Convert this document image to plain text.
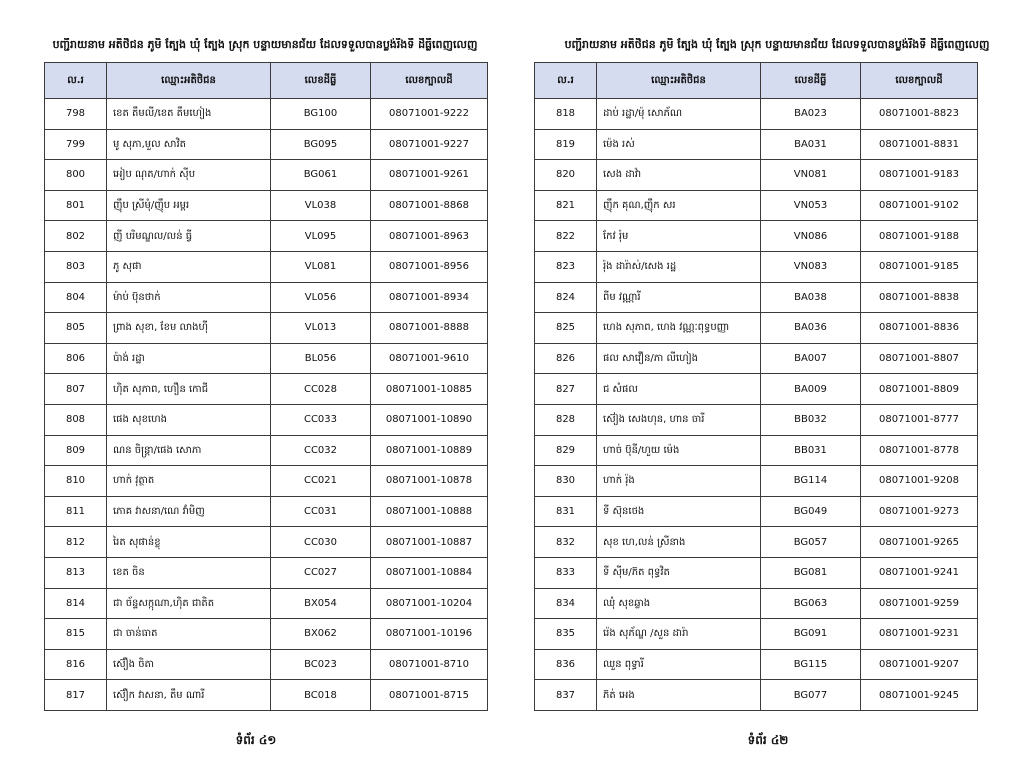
បញ្ជីរាយនាម អតិថិជន ភូមិ ត្បែង ឃុំ ត្បែង ស្រុក បន្ទាយមានជ័យ ដែលទទួលបានប្លង់រឹងទី ដីធ្លីពេញលេញ
ល.រ	ឈ្មោះអតិថិជន	លេខដីធ្លី	លេខក្បាលដី
798	ខេត តឹមលី/ខេត តឹមហៀង	BG100	08071001-9222
799	មូ សុភា,មួល សាវិត	BG095	08071001-9227
800	អៀប ណុត/ហាក់ ស៊ីប	BG061	08071001-9261
801	ញ៉ឹប ស្រីមុំ/ញ៉ឹប អម្ពរ	VL038	08071001-8868
802	ញី បរិមណ្ឌល/លន់ ធ្វី	VL095	08071001-8963
803	ភូ សុផា	VL081	08071001-8956
804	ម៉ាប់ ប៊ុនថាក់	VL056	08071001-8934
805	ព្រាង សុខា, ខែម លាងហ៊ី	VL013	08071001-8888
806	ប៉ាង់ រដ្ឋា	BL056	08071001-9610
807	ហ៊ិត សុភាព, ហឿន កោជី	CC028	08071001-10885
808	ផេង សុខហេង	CC033	08071001-10890
809	ណន ចិន្ត្រា/ផេង សោភា	CC032	08071001-10889
810	ហាក់ វុត្ថាត	CC021	08071001-10878
811	ភោគ វាសនា/ណេ វាំមិញ	CC031	08071001-10888
812	រៃត សុផាន់ខ្លុ	CC030	08071001-10887
813	ខេត ចិន	CC027	08071001-10884
814	ជា ច័ន្ទសក្កុណា,ហ៊ិត ជាតិត	BX054	08071001-10204
815	ជា ចាន់ធាត	BX062	08071001-10196
816	ស៊ឿង ចិតា	BC023	08071001-8710
817	ស៊ឿក វាសនា, តឹម ណារី	BC018	08071001-8715
ទំព័រ ៤១
បញ្ជីរាយនាម អតិថិជន ភូមិ ត្បែង ឃុំ ត្បែង ស្រុក បន្ទាយមានជ័យ ដែលទទួលបានប្លង់រឹងទី ដីធ្លីពេញលេញ
ល.រ	ឈ្មោះអតិថិជន	លេខដីធ្លី	លេខក្បាលដី
818	ដាប់ រដ្ឋា/ម៉ុ សោភ័ណ	BA023	08071001-8823
819	ម៉េង រស់	BA031	08071001-8831
820	សេង ដាវ៉ា	VN081	08071001-9183
821	ញ៉ឹក គុណ,ញ៉ឹក សរ	VN053	08071001-9102
822	កែវ រ៉ុម	VN086	08071001-9188
823	រ៉ុង ដារ៉ាស់/សេង រដ្ឋ	VN083	08071001-9185
824	ពីម វណ្ណារី	BA038	08071001-8838
825	ហេង សុភាព, ហេង វណ្ណៈពុទ្ធបញ្ញា	BA036	08071001-8836
826	ផល សាវឿន/ភា លីហៀង	BA007	08071001-8807
827	ជ សំផល	BA009	08071001-8809
828	ស៊ៀង សេងហុន, ហាន ចារី	BB032	08071001-8777
829	ហាច់ ប៊ុនី/ហួយ ម៉េង	BB031	08071001-8778
830	ហាក់ រ៉ុង	BG114	08071001-9208
831	ទី ស៊ុនថេង	BG049	08071001-9273
832	សុខ ហេ,លន់ ស្រីនាង	BG057	08071001-9265
833	ទី ស៊ីម/ភ៊ត ពុទ្ធវិត	BG081	08071001-9241
834	ឈុំ សុខឆ្លាង	BG063	08071001-9259
835	រ៉េង សុភ័ណ្ឌ /សួន ដារ៉ា	BG091	08071001-9231
836	ឈួន ពុទ្ធារី	BG115	08071001-9207
837	ភ៊ត់ អេង	BG077	08071001-9245
ទំព័រ ៤២
